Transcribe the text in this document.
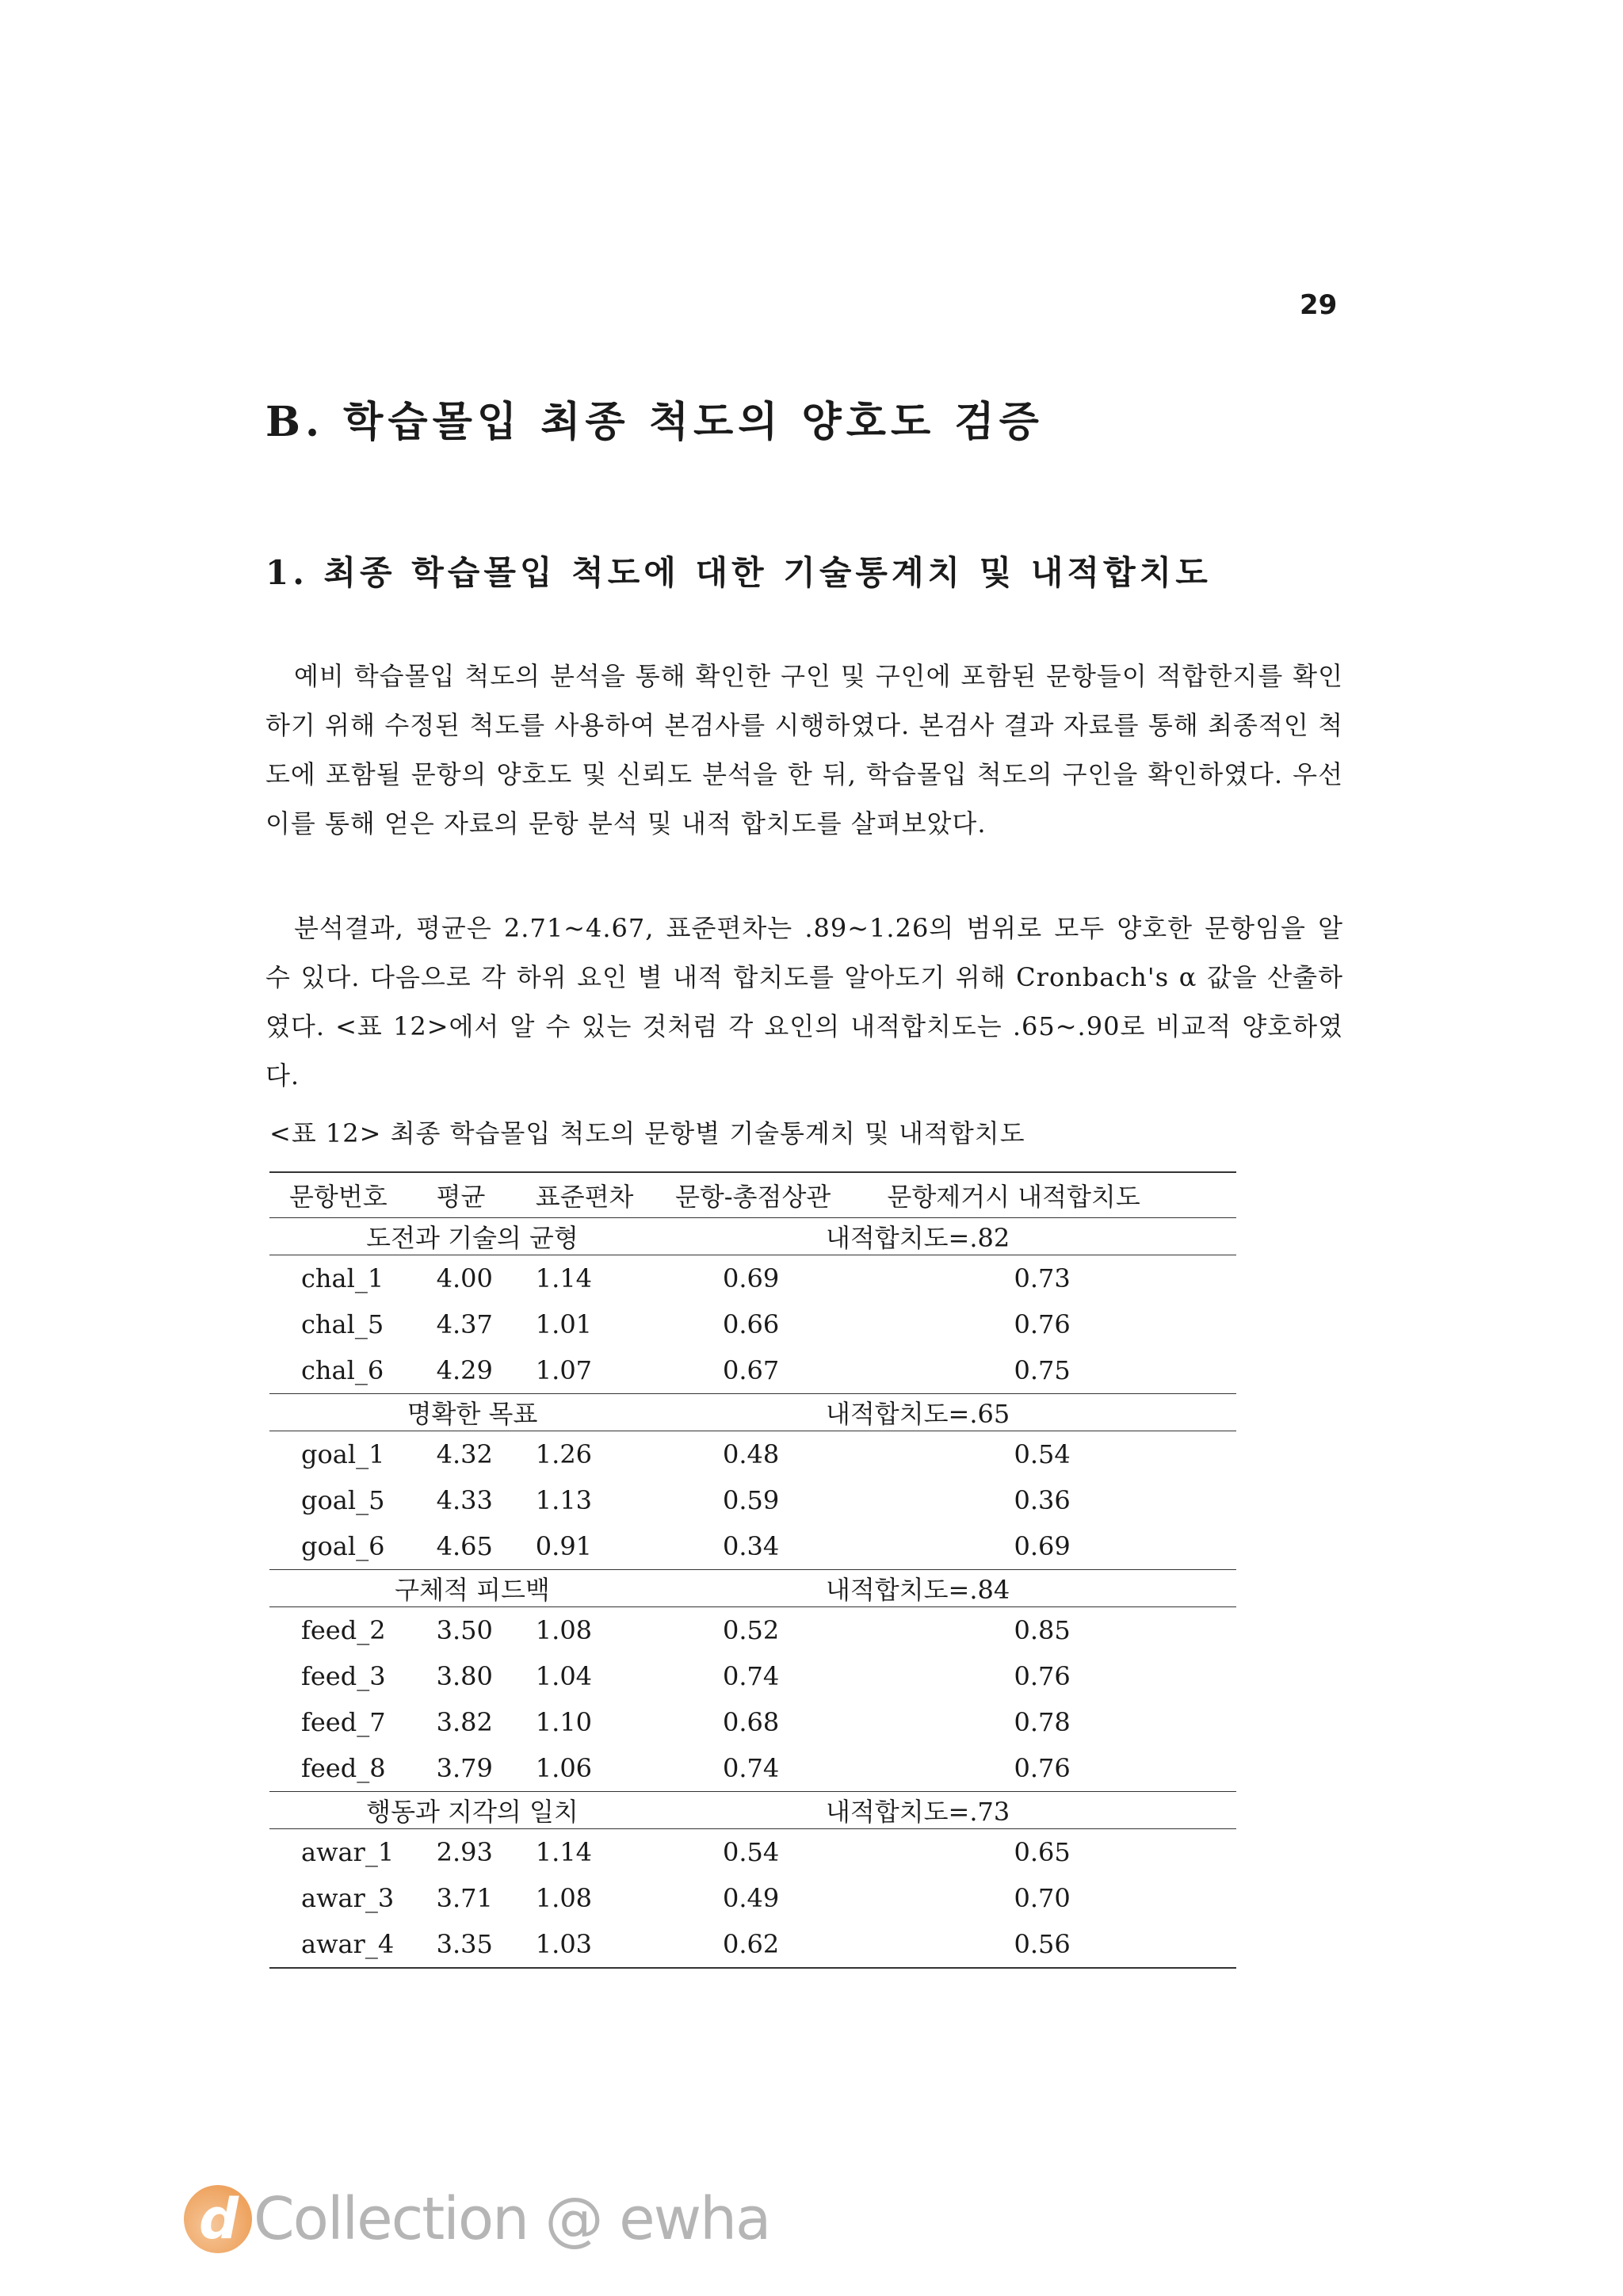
29
B. 학습몰입 최종 척도의 양호도 검증
1. 최종 학습몰입 척도에 대한 기술통계치 및 내적합치도

예비 학습몰입 척도의 분석을 통해 확인한 구인 및 구인에 포함된 문항들이 적합한지를 확인하기 위해 수정된 척도를 사용하여 본검사를 시행하였다. 본검사 결과 자료를 통해 최종적인 척도에 포함될 문항의 양호도 및 신뢰도 분석을 한 뒤, 학습몰입 척도의 구인을 확인하였다. 우선 이를 통해 얻은 자료의 문항 분석 및 내적 합치도를 살펴보았다.

분석결과, 평균은 2.71~4.67, 표준편차는 .89~1.26의 범위로 모두 양호한 문항임을 알 수 있다. 다음으로 각 하위 요인 별 내적 합치도를 알아도기 위해 Cronbach's α 값을 산출하였다. <표 12>에서 알 수 있는 것처럼 각 요인의 내적합치도는 .65~.90로 비교적 양호하였다.

<표 12> 최종 학습몰입 척도의 문항별 기술통계치 및 내적합치도

문항번호	평균	표준편차	문항-총점상관	문항제거시 내적합치도
도전과 기술의 균형			내적합치도=.82	
chal_1	4.00	1.14	0.69	0.73
chal_5	4.37	1.01	0.66	0.76
chal_6	4.29	1.07	0.67	0.75
명확한 목표			내적합치도=.65	
goal_1	4.32	1.26	0.48	0.54
goal_5	4.33	1.13	0.59	0.36
goal_6	4.65	0.91	0.34	0.69
구체적 피드백			내적합치도=.84	
feed_2	3.50	1.08	0.52	0.85
feed_3	3.80	1.04	0.74	0.76
feed_7	3.82	1.10	0.68	0.78
feed_8	3.79	1.06	0.74	0.76
행동과 지각의 일치			내적합치도=.73	
awar_1	2.93	1.14	0.54	0.65
awar_3	3.71	1.08	0.49	0.70
awar_4	3.35	1.03	0.62	0.56
d Collection @ ewha
